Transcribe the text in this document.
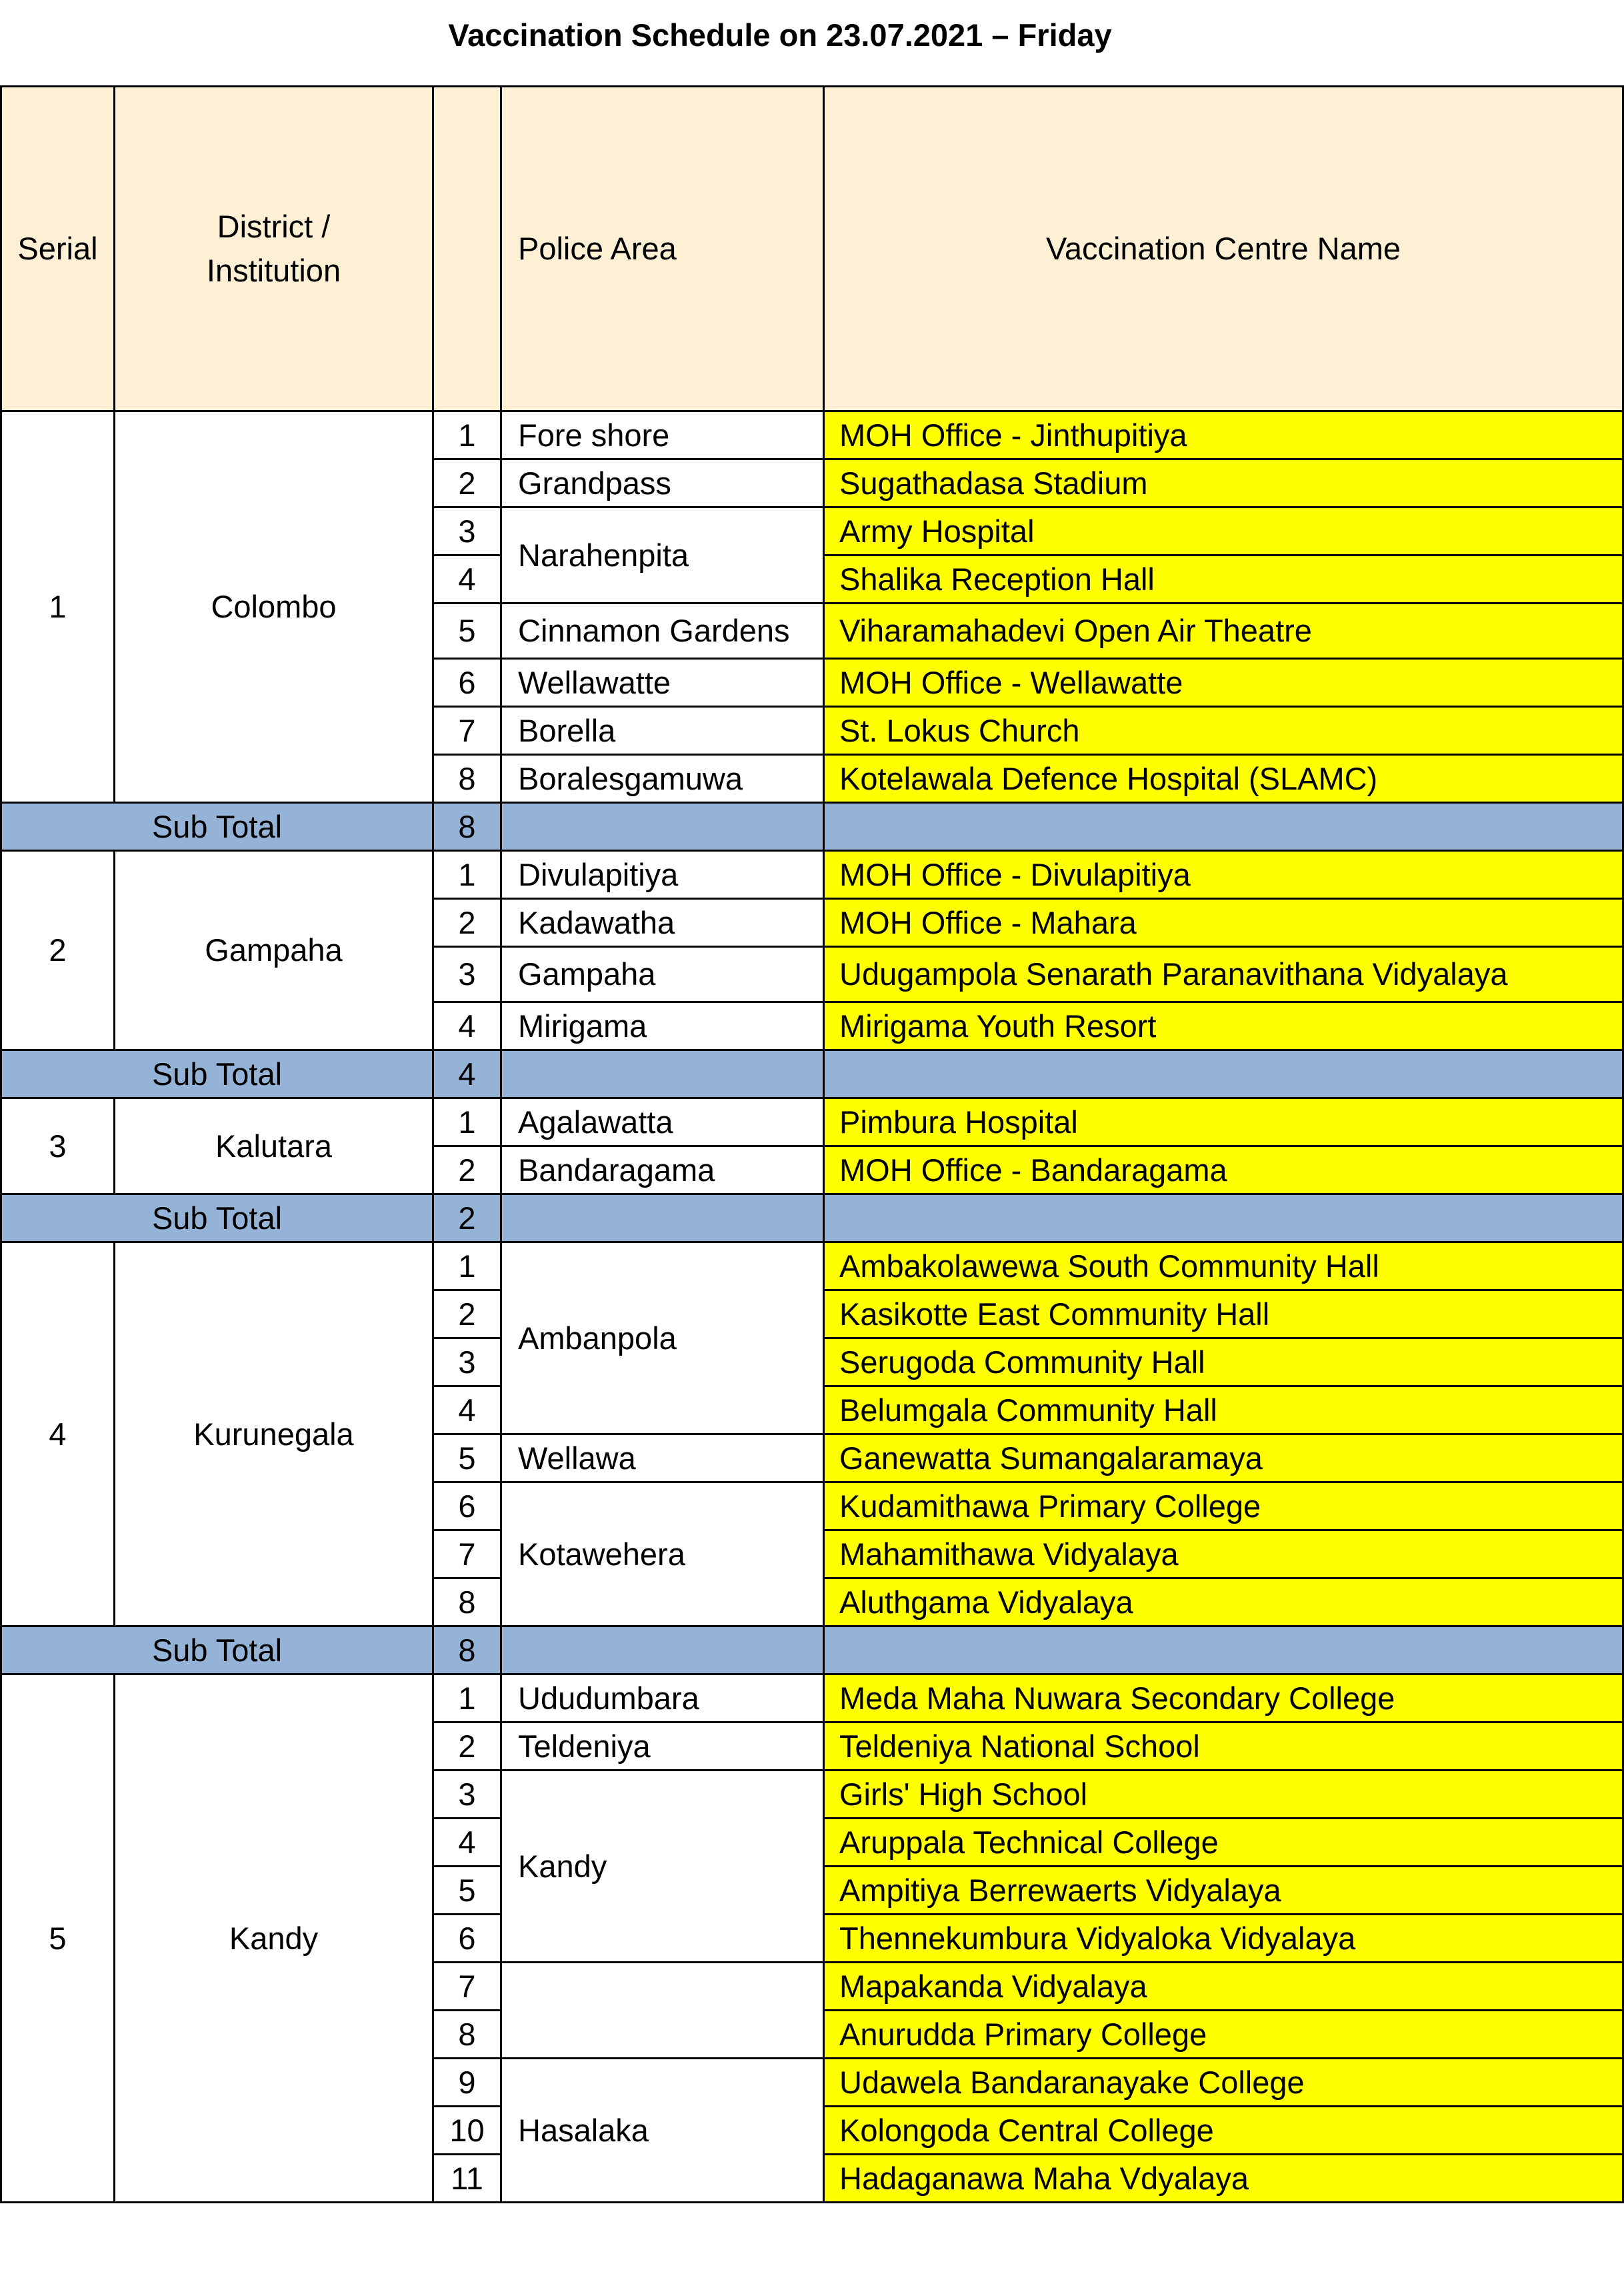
Vaccination Schedule on 23.07.2021 – Friday
Serial	District / Institution		Police Area	Vaccination Centre Name
1	Colombo	1	Fore shore	MOH Office - Jinthupitiya
		2	Grandpass	Sugathadasa Stadium
		3	Narahenpita	Army Hospital
		4		Shalika Reception Hall
		5	Cinnamon Gardens	Viharamahadevi Open Air Theatre
		6	Wellawatte	MOH Office - Wellawatte
		7	Borella	St. Lokus Church
		8	Boralesgamuwa	Kotelawala Defence Hospital (SLAMC)
Sub Total		8		
2	Gampaha	1	Divulapitiya	MOH Office - Divulapitiya
		2	Kadawatha	MOH Office - Mahara
		3	Gampaha	Udugampola Senarath Paranavithana Vidyalaya
		4	Mirigama	Mirigama Youth Resort
Sub Total		4		
3	Kalutara	1	Agalawatta	Pimbura Hospital
		2	Bandaragama	MOH Office - Bandaragama
Sub Total		2		
4	Kurunegala	1	Ambanpola	Ambakolawewa South Community Hall
		2		Kasikotte East Community Hall
		3		Serugoda Community Hall
		4		Belumgala Community Hall
		5	Wellawa	Ganewatta Sumangalaramaya
		6	Kotawehera	Kudamithawa Primary College
		7		Mahamithawa Vidyalaya
		8		Aluthgama Vidyalaya
Sub Total		8		
5	Kandy	1	Ududumbara	Meda Maha Nuwara Secondary College
		2	Teldeniya	Teldeniya National School
		3	Kandy	Girls' High School
		4		Aruppala Technical College
		5		Ampitiya Berrewaerts Vidyalaya
		6		Thennekumbura Vidyaloka Vidyalaya
		7		Mapakanda Vidyalaya
		8		Anurudda Primary College
		9	Hasalaka	Udawela Bandaranayake College
		10		Kolongoda Central College
		11		Hadaganawa Maha Vdyalaya
